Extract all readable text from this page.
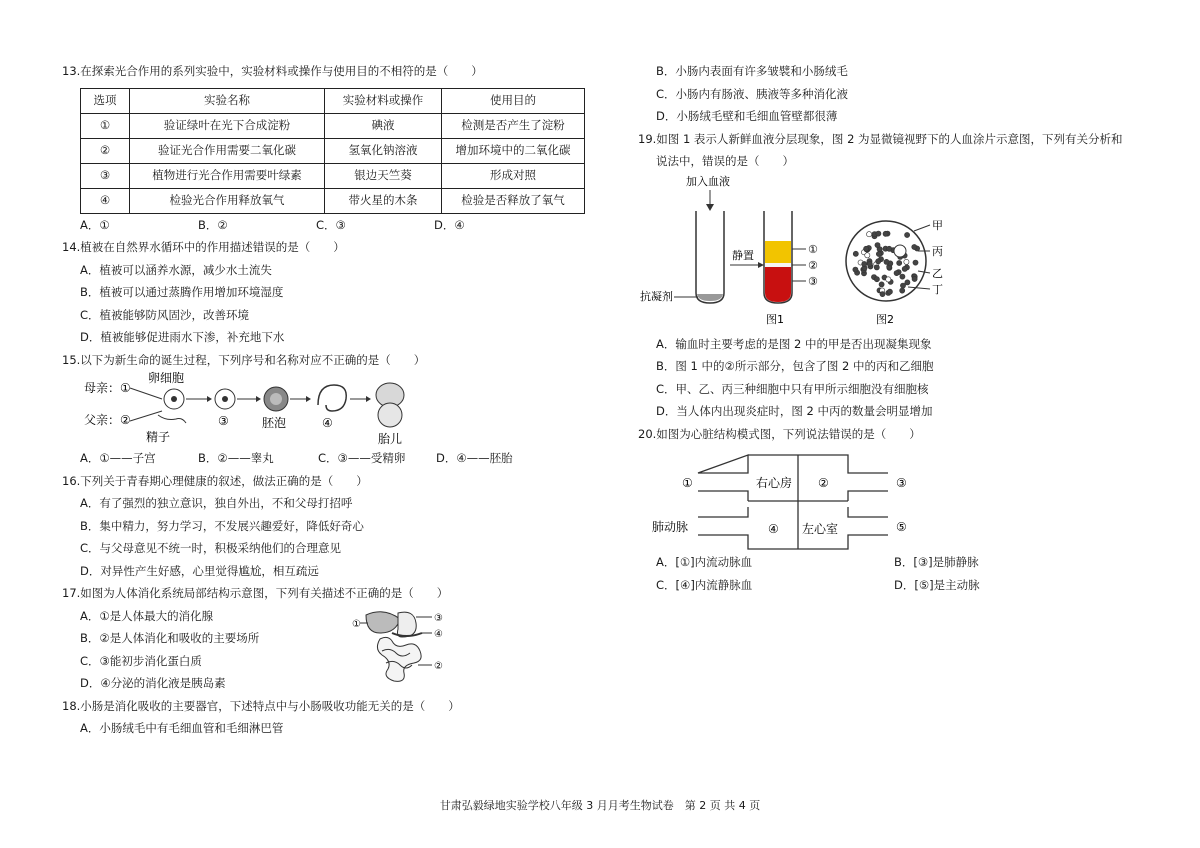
13.在探索光合作用的系列实验中，实验材料或操作与使用目的不相符的是（　　）

选项	实验名称	实验材料或操作	使用目的
①	验证绿叶在光下合成淀粉	碘液	检测是否产生了淀粉
②	验证光合作用需要二氧化碳	氢氧化钠溶液	增加环境中的二氧化碳
③	植物进行光合作用需要叶绿素	银边天竺葵	形成对照
④	检验光合作用释放氧气	带火星的木条	检验是否释放了氧气
A．①	B．②	C．③	D．④

14.植被在自然界水循环中的作用描述错误的是（　　）

A．植被可以涵养水源，减少水土流失

B．植被可以通过蒸腾作用增加环境湿度

C．植被能够防风固沙，改善环境

D．植被能够促进雨水下渗，补充地下水

15.以下为新生命的诞生过程，下列序号和名称对应不正确的是（　　）

母亲：①
父亲：②
卵细胞
精子
③	胚泡	④
胎儿
A．①——子宫	B．②——睾丸	C．③——受精卵	D．④——胚胎

16.下列关于青春期心理健康的叙述，做法正确的是（　　）

A．有了强烈的独立意识，独自外出，不和父母打招呼

B．集中精力，努力学习，不发展兴趣爱好，降低好奇心

C．与父母意见不统一时，积极采纳他们的合理意见

D．对异性产生好感，心里觉得尴尬，相互疏远

17.如图为人体消化系统局部结构示意图，下列有关描述不正确的是（　　）

A．①是人体最大的消化腺

B．②是人体消化和吸收的主要场所

C．③能初步消化蛋白质

D．④分泌的消化液是胰岛素

①
③
④
②

18.小肠是消化吸收的主要器官，下述特点中与小肠吸收功能无关的是（　　）

A．小肠绒毛中有毛细血管和毛细淋巴管

B．小肠内表面有许多皱襞和小肠绒毛

C．小肠内有肠液、胰液等多种消化液

D．小肠绒毛壁和毛细血管壁都很薄

19.如图 1 表示人新鲜血液分层现象，图 2 为显微镜视野下的人血涂片示意图，下列有关分析和

说法中，错误的是（　　）

加入血液
抗凝剂
静置	①
②
③
图1
甲
丙
乙
丁
图2

A．输血时主要考虑的是图 2 中的甲是否出现凝集现象

B．图 1 中的②所示部分，包含了图 2 中的丙和乙细胞

C．甲、乙、丙三种细胞中只有甲所示细胞没有细胞核

D．当人体内出现炎症时，图 2 中丙的数量会明显增加

20.如图为心脏结构模式图，下列说法错误的是（　　）

右心房 ②
④ 左心室
①	③
肺动脉	⑤
A．[①]内流动脉血	B．[③]是肺静脉
C．[④]内流静脉血	D．[⑤]是主动脉
甘肃弘毅绿地实验学校八年级 3 月月考生物试卷　第 2 页 共 4 页
